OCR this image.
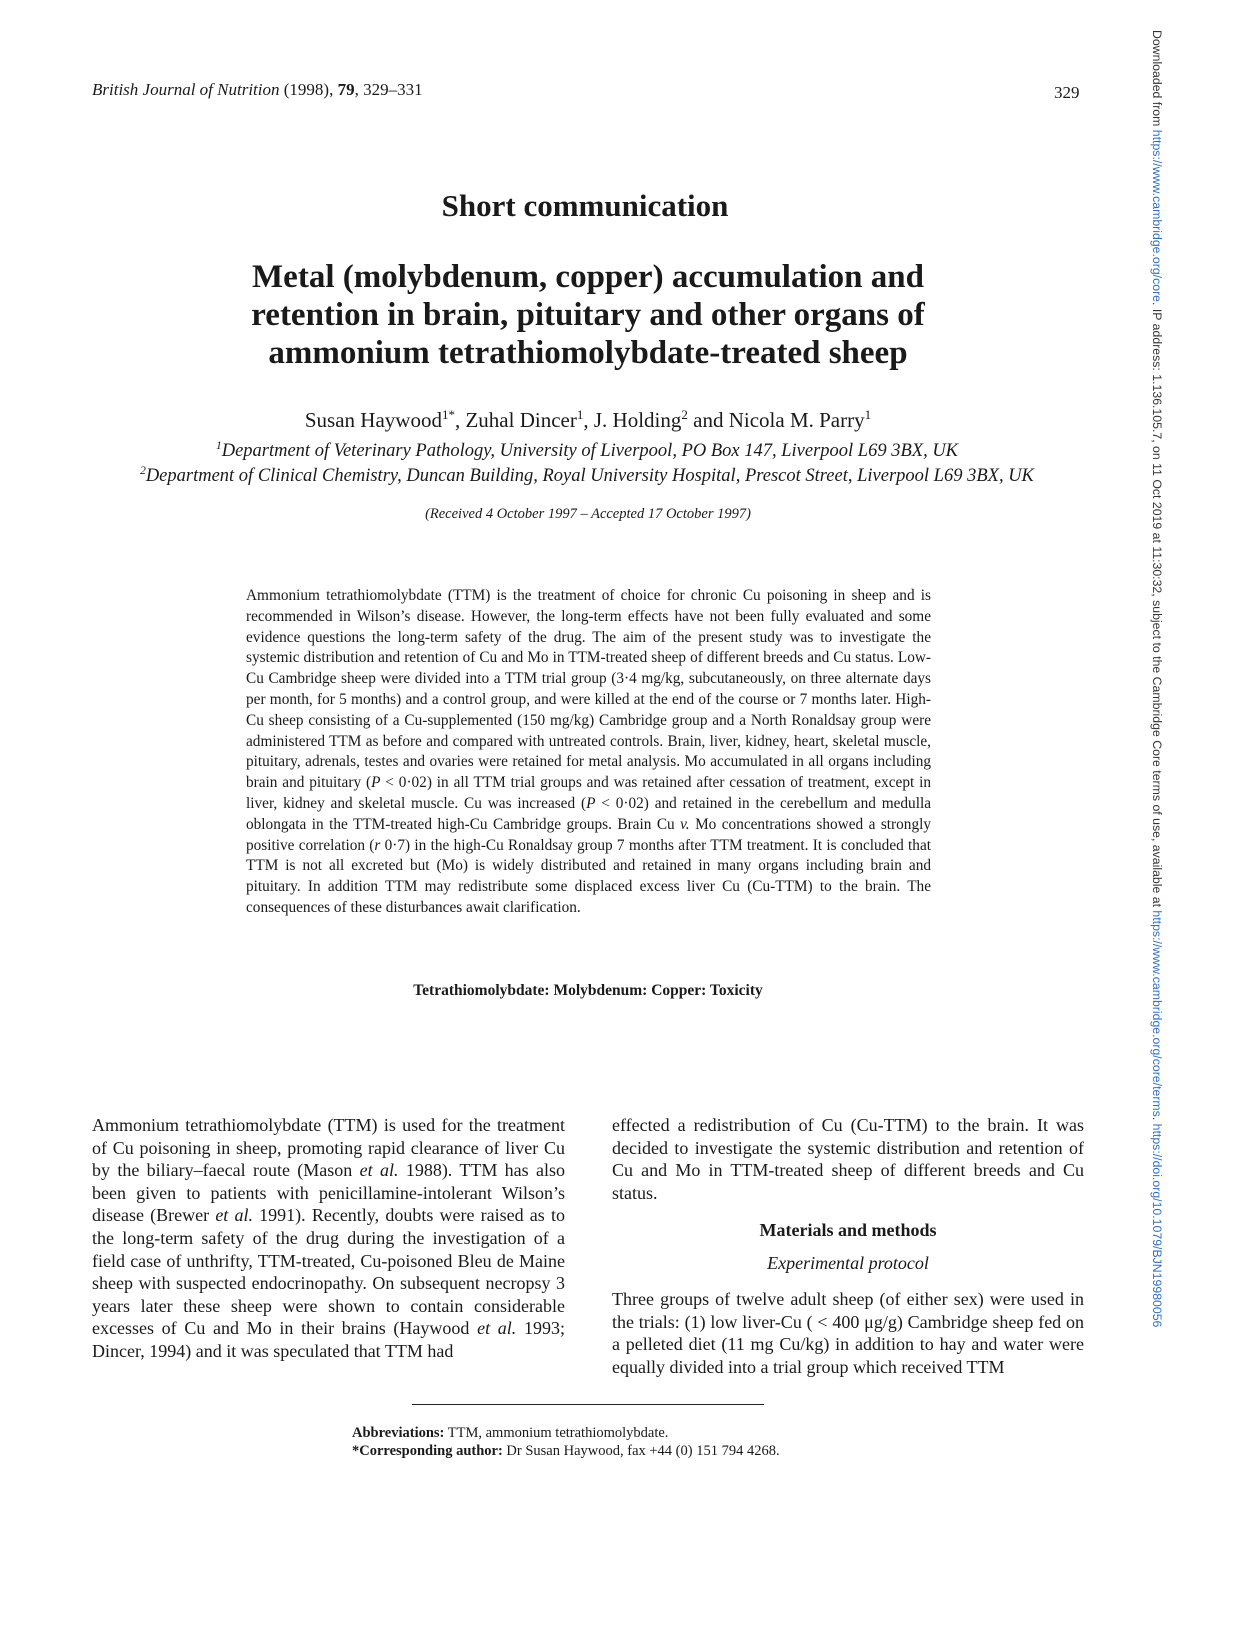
British Journal of Nutrition (1998), 79, 329–331	329	Downloaded from https://www.cambridge.org/core. IP address: 1.136.105.7, on 11 Oct 2019 at 11:30:32, subject to the Cambridge Core terms of use, available at https://www.cambridge.org/core/terms. https://doi.org/10.1079/BJN19980056
Short communication
Metal (molybdenum, copper) accumulation and
retention in brain, pituitary and other organs of
ammonium tetrathiomolybdate-treated sheep
Susan Haywood$^{1*}$, Zuhal Dincer$^1$, J. Holding$^2$ and Nicola M. Parry$^1$
$^1$Department of Veterinary Pathology, University of Liverpool, PO Box 147, Liverpool L69 3BX, UK
$^2$Department of Clinical Chemistry, Duncan Building, Royal University Hospital, Prescot Street, Liverpool L69 3BX, UK
(Received 4 October 1997 – Accepted 17 October 1997)
Ammonium tetrathiomolybdate (TTM) is the treatment of choice for chronic Cu poisoning in sheep and is recommended in Wilson’s disease. However, the long-term effects have not been fully evaluated and some evidence questions the long-term safety of the drug. The aim of the present study was to investigate the systemic distribution and retention of Cu and Mo in TTM-treated sheep of different breeds and Cu status. Low-Cu Cambridge sheep were divided into a TTM trial group (3·4 mg/kg, subcutaneously, on three alternate days per month, for 5 months) and a control group, and were killed at the end of the course or 7 months later. High-Cu sheep consisting of a Cu-supplemented (150 mg/kg) Cambridge group and a North Ronaldsay group were administered TTM as before and compared with untreated controls. Brain, liver, kidney, heart, skeletal muscle, pituitary, adrenals, testes and ovaries were retained for metal analysis. Mo accumulated in all organs including brain and pituitary (P < 0·02) in all TTM trial groups and was retained after cessation of treatment, except in liver, kidney and skeletal muscle. Cu was increased (P < 0·02) and retained in the cerebellum and medulla oblongata in the TTM-treated high-Cu Cambridge groups. Brain Cu v. Mo concentrations showed a strongly positive correlation (r 0·7) in the high-Cu Ronaldsay group 7 months after TTM treatment. It is concluded that TTM is not all excreted but (Mo) is widely distributed and retained in many organs including brain and pituitary. In addition TTM may redistribute some displaced excess liver Cu (Cu-TTM) to the brain. The consequences of these disturbances await clarification.
Tetrathiomolybdate: Molybdenum: Copper: Toxicity
Ammonium tetrathiomolybdate (TTM) is used for the treatment of Cu poisoning in sheep, promoting rapid clearance of liver Cu by the biliary–faecal route (Mason et al. 1988). TTM has also been given to patients with penicillamine-intolerant Wilson’s disease (Brewer et al. 1991). Recently, doubts were raised as to the long-term safety of the drug during the investigation of a field case of unthrifty, TTM-treated, Cu-poisoned Bleu de Maine sheep with suspected endocrinopathy. On subsequent necropsy 3 years later these sheep were shown to contain considerable excesses of Cu and Mo in their brains (Haywood et al. 1993; Dincer, 1994) and it was speculated that TTM had
effected a redistribution of Cu (Cu-TTM) to the brain. It was decided to investigate the systemic distribution and retention of Cu and Mo in TTM-treated sheep of different breeds and Cu status.
Materials and methods
Experimental protocol
Three groups of twelve adult sheep (of either sex) were used in the trials: (1) low liver-Cu ( < 400 μg/g) Cambridge sheep fed on a pelleted diet (11 mg Cu/kg) in addition to hay and water were equally divided into a trial group which received TTM
Abbreviations: TTM, ammonium tetrathiomolybdate.
*Corresponding author: Dr Susan Haywood, fax +44 (0) 151 794 4268.
